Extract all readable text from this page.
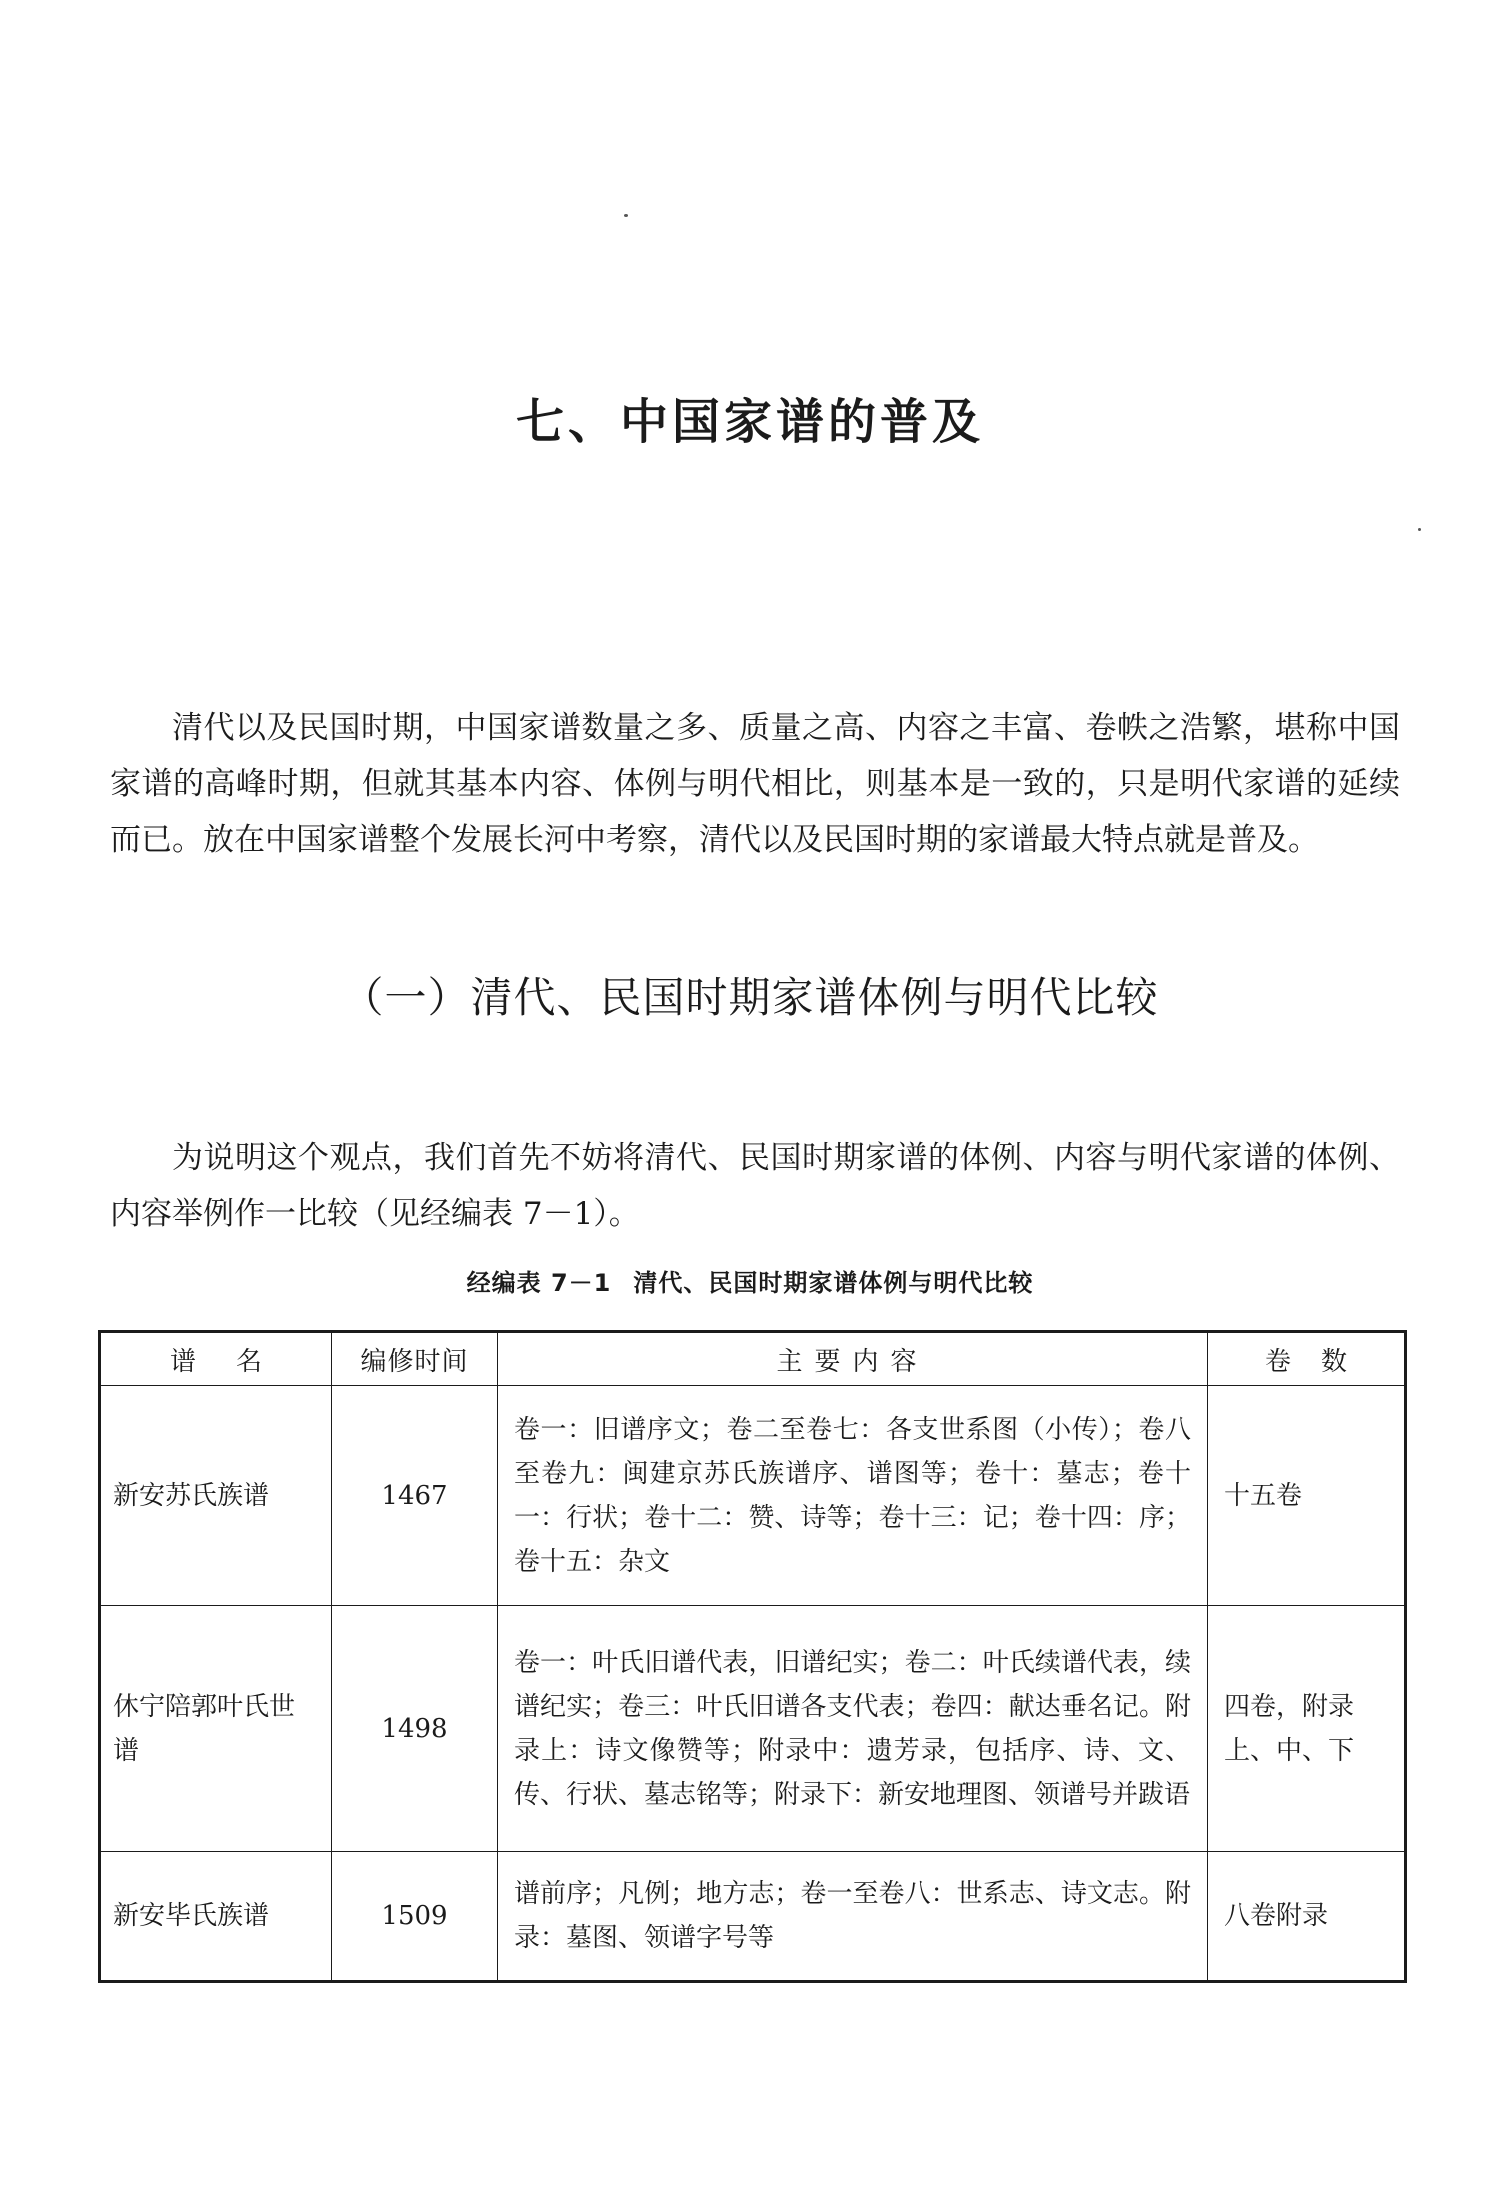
七、中国家谱的普及

清代以及民国时期，中国家谱数量之多、质量之高、内容之丰富、卷帙之浩繁，堪称中国家谱的高峰时期，但就其基本内容、体例与明代相比，则基本是一致的，只是明代家谱的延续而已。放在中国家谱整个发展长河中考察，清代以及民国时期的家谱最大特点就是普及。

（一）清代、民国时期家谱体例与明代比较

为说明这个观点，我们首先不妨将清代、民国时期家谱的体例、内容与明代家谱的体例、内容举例作一比较（见经编表 7－1）。

经编表 7－1 清代、民国时期家谱体例与明代比较
谱名	编修时间	主要内容	卷数
新安苏氏族谱	1467	卷一：旧谱序文；卷二至卷七：各支世系图（小传）；卷八至卷九：闽建京苏氏族谱序、谱图等；卷十：墓志；卷十一：行状；卷十二：赞、诗等；卷十三：记；卷十四：序；卷十五：杂文	十五卷
休宁陪郭叶氏世谱	1498	卷一：叶氏旧谱代表，旧谱纪实；卷二：叶氏续谱代表，续谱纪实；卷三：叶氏旧谱各支代表；卷四：献达垂名记。附录上：诗文像赞等；附录中：遗芳录，包括序、诗、文、传、行状、墓志铭等；附录下：新安地理图、领谱号并跋语	四卷，附录上、中、下
新安毕氏族谱	1509	谱前序；凡例；地方志；卷一至卷八：世系志、诗文志。附录：墓图、领谱字号等	八卷附录
